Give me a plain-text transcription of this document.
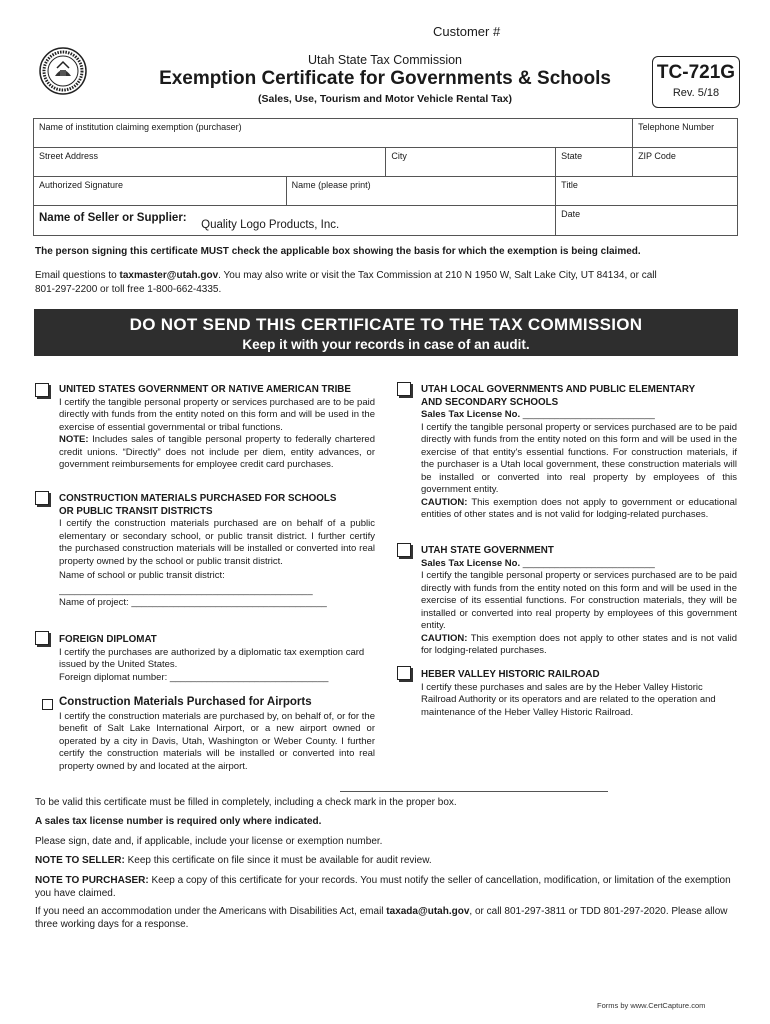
Customer #
Utah State Tax Commission
Exemption Certificate for Governments & Schools
(Sales, Use, Tourism and Motor Vehicle Rental Tax)
TC-721G
Rev. 5/18
Name of institution claiming exemption (purchaser)				Telephone Number
Street Address		City	State	ZIP Code
Authorized Signature	Name (please print)		Title	
Name of Seller or Supplier: Quality Logo Products, Inc.			Date	
The person signing this certificate MUST check the applicable box showing the basis for which the exemption is being claimed.
Email questions to taxmaster@utah.gov. You may also write or visit the Tax Commission at 210 N 1950 W, Salt Lake City, UT 84134, or call
801-297-2200 or toll free 1-800-662-4335.
DO NOT SEND THIS CERTIFICATE TO THE TAX COMMISSION
Keep it with your records in case of an audit.

UNITED STATES GOVERNMENT OR NATIVE AMERICAN TRIBE

I certify the tangible personal property or services purchased are to be paid directly with funds from the entity noted on this form and will be used in the exercise of essential governmental or tribal functions.

NOTE: Includes sales of tangible personal property to federally chartered credit unions. “Directly” does not include per diem, entity advances, or government reimbursements for employee credit card purchases.

CONSTRUCTION MATERIALS PURCHASED FOR SCHOOLS

OR PUBLIC TRANSIT DISTRICTS

I certify the construction materials purchased are on behalf of a public elementary or secondary school, or public transit district. I further certify the purchased construction materials will be installed or converted into real property owned by the school or public transit district.

Name of school or public transit district:

________________________________________________

Name of project: _____________________________________

FOREIGN DIPLOMAT

I certify the purchases are authorized by a diplomatic tax exemption card issued by the United States.

Foreign diplomat number: ______________________________

Construction Materials Purchased for Airports

I certify the construction materials are purchased by, on behalf of, or for the benefit of Salt Lake International Airport, or a new airport owned or operated by a city in Davis, Utah, Washington or Weber County. I further certify the construction materials will be installed or converted into real property owned by and located at the airport.

UTAH LOCAL GOVERNMENTS AND PUBLIC ELEMENTARY

AND SECONDARY SCHOOLS

Sales Tax License No. _________________________

I certify the tangible personal property or services purchased are to be paid directly with funds from the entity noted on this form and will be used in the exercise of that entity's essential functions. For construction materials, if the purchaser is a Utah local government, these construction materials will be installed or converted into real property by employees of this government entity.

CAUTION: This exemption does not apply to government or educational entities of other states and is not valid for lodging-related purchases.

UTAH STATE GOVERNMENT

Sales Tax License No. _________________________

I certify the tangible personal property or services purchased are to be paid directly with funds from the entity noted on this form and will be used in the exercise of its essential functions. For construction materials, they will be installed or converted into real property by employees of this government entity.

CAUTION: This exemption does not apply to other states and is not valid for lodging-related purchases.

HEBER VALLEY HISTORIC RAILROAD

I certify these purchases and sales are by the Heber Valley Historic Railroad Authority or its operators and are related to the operation and maintenance of the Heber Valley Historic Railroad.

To be valid this certificate must be filled in completely, including a check mark in the proper box.
A sales tax license number is required only where indicated.
Please sign, date and, if applicable, include your license or exemption number.
NOTE TO SELLER: Keep this certificate on file since it must be available for audit review.
NOTE TO PURCHASER: Keep a copy of this certificate for your records. You must notify the seller of cancellation, modification, or limitation of the exemption you have claimed.
If you need an accommodation under the Americans with Disabilities Act, email taxada@utah.gov, or call 801-297-3811 or TDD 801-297-2020. Please allow three working days for a response.
Forms by www.CertCapture.com
